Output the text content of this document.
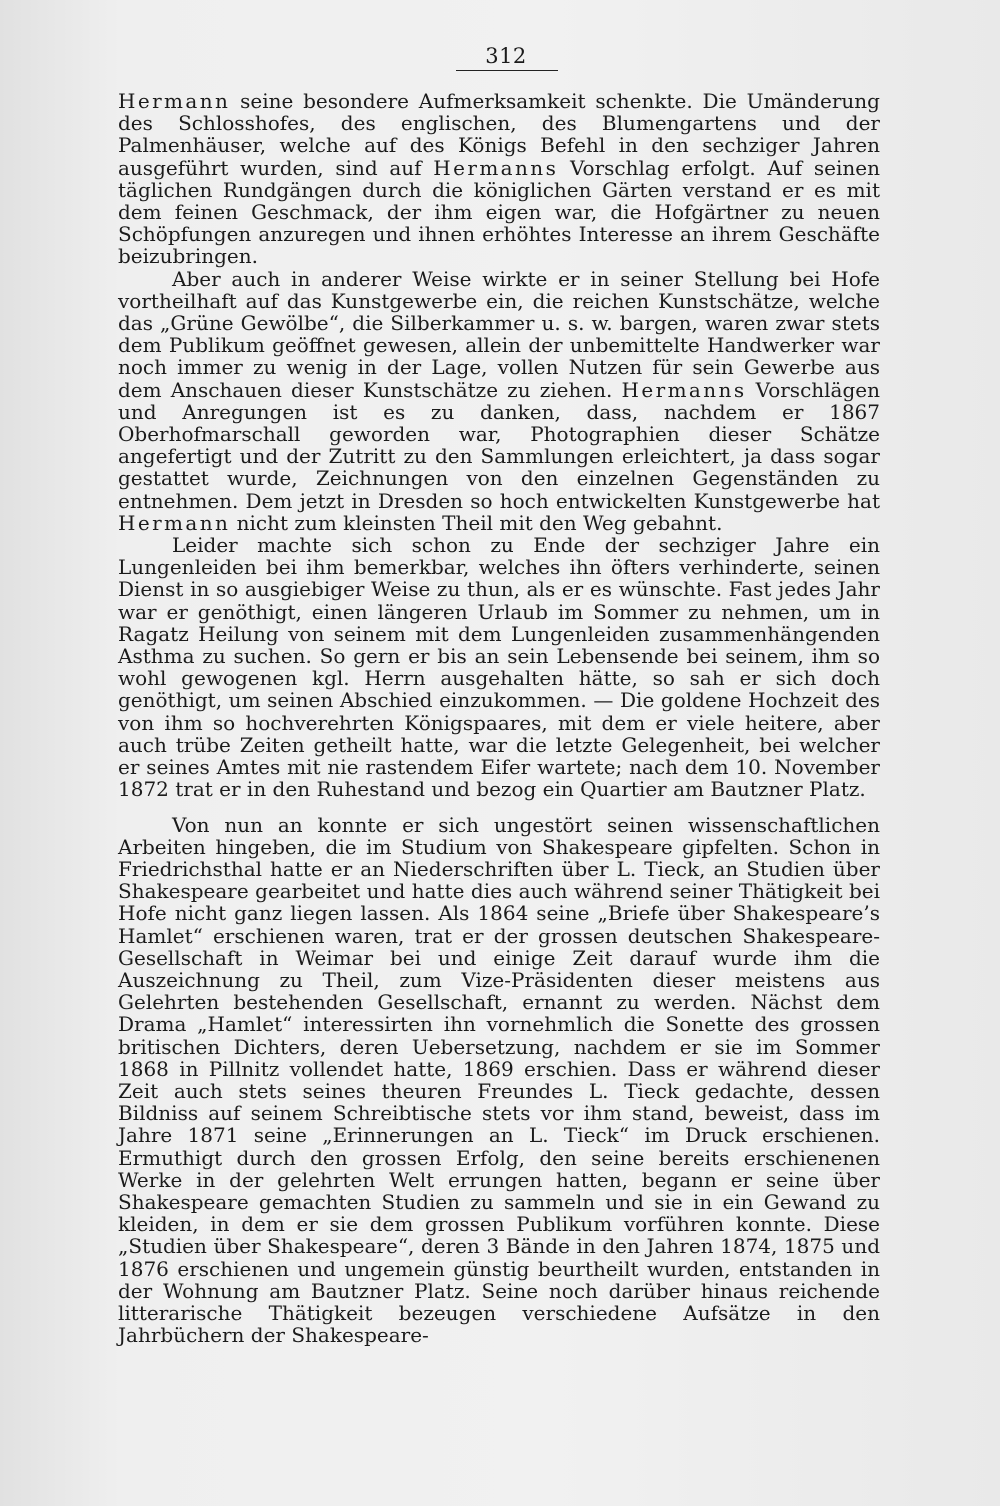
312

Hermann seine besondere Aufmerksamkeit schenkte. Die Umänderung des Schlosshofes, des englischen, des Blumengartens und der Palmenhäuser, welche auf des Königs Befehl in den sechziger Jahren ausgeführt wurden, sind auf Hermanns Vorschlag erfolgt. Auf seinen täglichen Rundgängen durch die königlichen Gärten verstand er es mit dem feinen Geschmack, der ihm eigen war, die Hofgärtner zu neuen Schöpfungen anzuregen und ihnen erhöhtes Interesse an ihrem Geschäfte beizubringen.

Aber auch in anderer Weise wirkte er in seiner Stellung bei Hofe vortheilhaft auf das Kunstgewerbe ein, die reichen Kunstschätze, welche das „Grüne Gewölbe“, die Silberkammer u. s. w. bargen, waren zwar stets dem Publikum geöffnet gewesen, allein der unbemittelte Handwerker war noch immer zu wenig in der Lage, vollen Nutzen für sein Gewerbe aus dem Anschauen dieser Kunstschätze zu ziehen. Hermanns Vorschlägen und Anregungen ist es zu danken, dass, nachdem er 1867 Oberhofmarschall geworden war, Photographien dieser Schätze angefertigt und der Zutritt zu den Sammlungen erleichtert, ja dass sogar gestattet wurde, Zeichnungen von den einzelnen Gegenständen zu entnehmen. Dem jetzt in Dresden so hoch entwickelten Kunstgewerbe hat Hermann nicht zum kleinsten Theil mit den Weg gebahnt.

Leider machte sich schon zu Ende der sechziger Jahre ein Lungenleiden bei ihm bemerkbar, welches ihn öfters verhinderte, seinen Dienst in so ausgiebiger Weise zu thun, als er es wünschte. Fast jedes Jahr war er genöthigt, einen längeren Urlaub im Sommer zu nehmen, um in Ragatz Heilung von seinem mit dem Lungenleiden zusammenhängenden Asthma zu suchen. So gern er bis an sein Lebensende bei seinem, ihm so wohl gewogenen kgl. Herrn ausgehalten hätte, so sah er sich doch genöthigt, um seinen Abschied einzukommen. — Die goldene Hochzeit des von ihm so hochverehrten Königspaares, mit dem er viele heitere, aber auch trübe Zeiten getheilt hatte, war die letzte Gelegenheit, bei welcher er seines Amtes mit nie rastendem Eifer wartete; nach dem 10. November 1872 trat er in den Ruhestand und bezog ein Quartier am Bautzner Platz.

Von nun an konnte er sich ungestört seinen wissenschaftlichen Arbeiten hingeben, die im Studium von Shakespeare gipfelten. Schon in Friedrichsthal hatte er an Niederschriften über L. Tieck, an Studien über Shakespeare gearbeitet und hatte dies auch während seiner Thätigkeit bei Hofe nicht ganz liegen lassen. Als 1864 seine „Briefe über Shakespeare’s Hamlet“ erschienen waren, trat er der grossen deutschen Shakespeare-Gesellschaft in Weimar bei und einige Zeit darauf wurde ihm die Auszeichnung zu Theil, zum Vize-Präsidenten dieser meistens aus Gelehrten bestehenden Gesellschaft, ernannt zu werden. Nächst dem Drama „Hamlet“ interessirten ihn vornehmlich die Sonette des grossen britischen Dichters, deren Uebersetzung, nachdem er sie im Sommer 1868 in Pillnitz vollendet hatte, 1869 erschien. Dass er während dieser Zeit auch stets seines theuren Freundes L. Tieck gedachte, dessen Bildniss auf seinem Schreibtische stets vor ihm stand, beweist, dass im Jahre 1871 seine „Erinnerungen an L. Tieck“ im Druck erschienen. Ermuthigt durch den grossen Erfolg, den seine bereits erschienenen Werke in der gelehrten Welt errungen hatten, begann er seine über Shakespeare gemachten Studien zu sammeln und sie in ein Gewand zu kleiden, in dem er sie dem grossen Publikum vorführen konnte. Diese „Studien über Shakespeare“, deren 3 Bände in den Jahren 1874, 1875 und 1876 erschienen und ungemein günstig beurtheilt wurden, entstanden in der Wohnung am Bautzner Platz. Seine noch darüber hinaus reichende litterarische Thätigkeit bezeugen verschiedene Aufsätze in den Jahrbüchern der Shakespeare-
